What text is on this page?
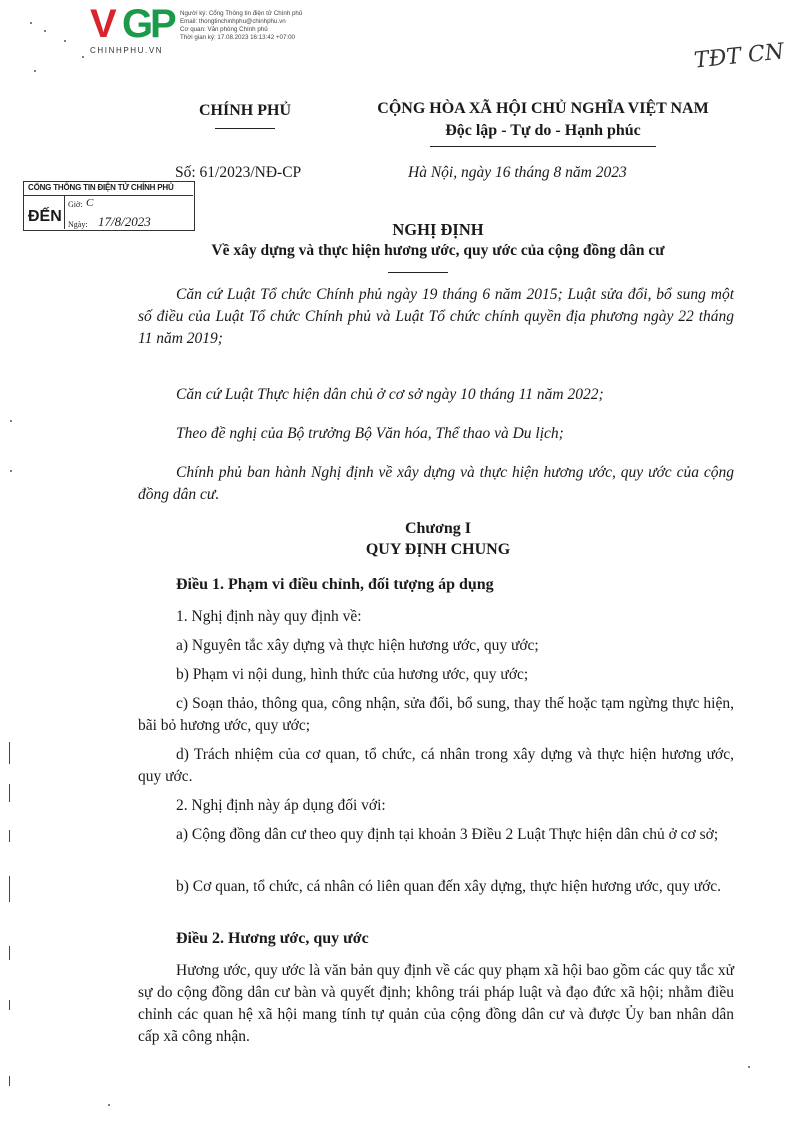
V G
P
CHINHPHU.VN
Người ký: Cổng Thông tin điện tử Chính phủ
Email: thongtinchinhphu@chinhphu.vn
Cơ quan: Văn phòng Chính phủ
Thời gian ký: 17.08.2023 16:13:42 +07:00
TĐT CN
CHÍNH PHỦ	CỘNG HÒA XÃ HỘI CHỦ NGHĨA VIỆT NAM
Độc lập - Tự do - Hạnh phúc
Số: 61/2023/NĐ-CP	Hà Nội, ngày 16 tháng 8 năm 2023
CỔNG THÔNG TIN ĐIỆN TỬ CHÍNH PHỦ
ĐẾN
Giờ: C
Ngày: 17/8/2023	NGHỊ ĐỊNH
Về xây dựng và thực hiện hương ước, quy ước của cộng đồng dân cư

Căn cứ Luật Tổ chức Chính phủ ngày 19 tháng 6 năm 2015; Luật sửa đổi, bổ sung một số điều của Luật Tổ chức Chính phủ và Luật Tổ chức chính quyền địa phương ngày 22 tháng 11 năm 2019;

Căn cứ Luật Thực hiện dân chủ ở cơ sở ngày 10 tháng 11 năm 2022;

Theo đề nghị của Bộ trưởng Bộ Văn hóa, Thể thao và Du lịch;

Chính phủ ban hành Nghị định về xây dựng và thực hiện hương ước, quy ước của cộng đồng dân cư.

Chương I
QUY ĐỊNH CHUNG
Điều 1. Phạm vi điều chỉnh, đối tượng áp dụng

1. Nghị định này quy định về:

a) Nguyên tắc xây dựng và thực hiện hương ước, quy ước;

b) Phạm vi nội dung, hình thức của hương ước, quy ước;

c) Soạn thảo, thông qua, công nhận, sửa đổi, bổ sung, thay thế hoặc tạm ngừng thực hiện, bãi bỏ hương ước, quy ước;

d) Trách nhiệm của cơ quan, tổ chức, cá nhân trong xây dựng và thực hiện hương ước, quy ước.

2. Nghị định này áp dụng đối với:

a) Cộng đồng dân cư theo quy định tại khoản 3 Điều 2 Luật Thực hiện dân chủ ở cơ sở;

b) Cơ quan, tổ chức, cá nhân có liên quan đến xây dựng, thực hiện hương ước, quy ước.

Điều 2. Hương ước, quy ước

Hương ước, quy ước là văn bản quy định về các quy phạm xã hội bao gồm các quy tắc xử sự do cộng đồng dân cư bàn và quyết định; không trái pháp luật và đạo đức xã hội; nhằm điều chỉnh các quan hệ xã hội mang tính tự quản của cộng đồng dân cư và được Ủy ban nhân dân cấp xã công nhận.
